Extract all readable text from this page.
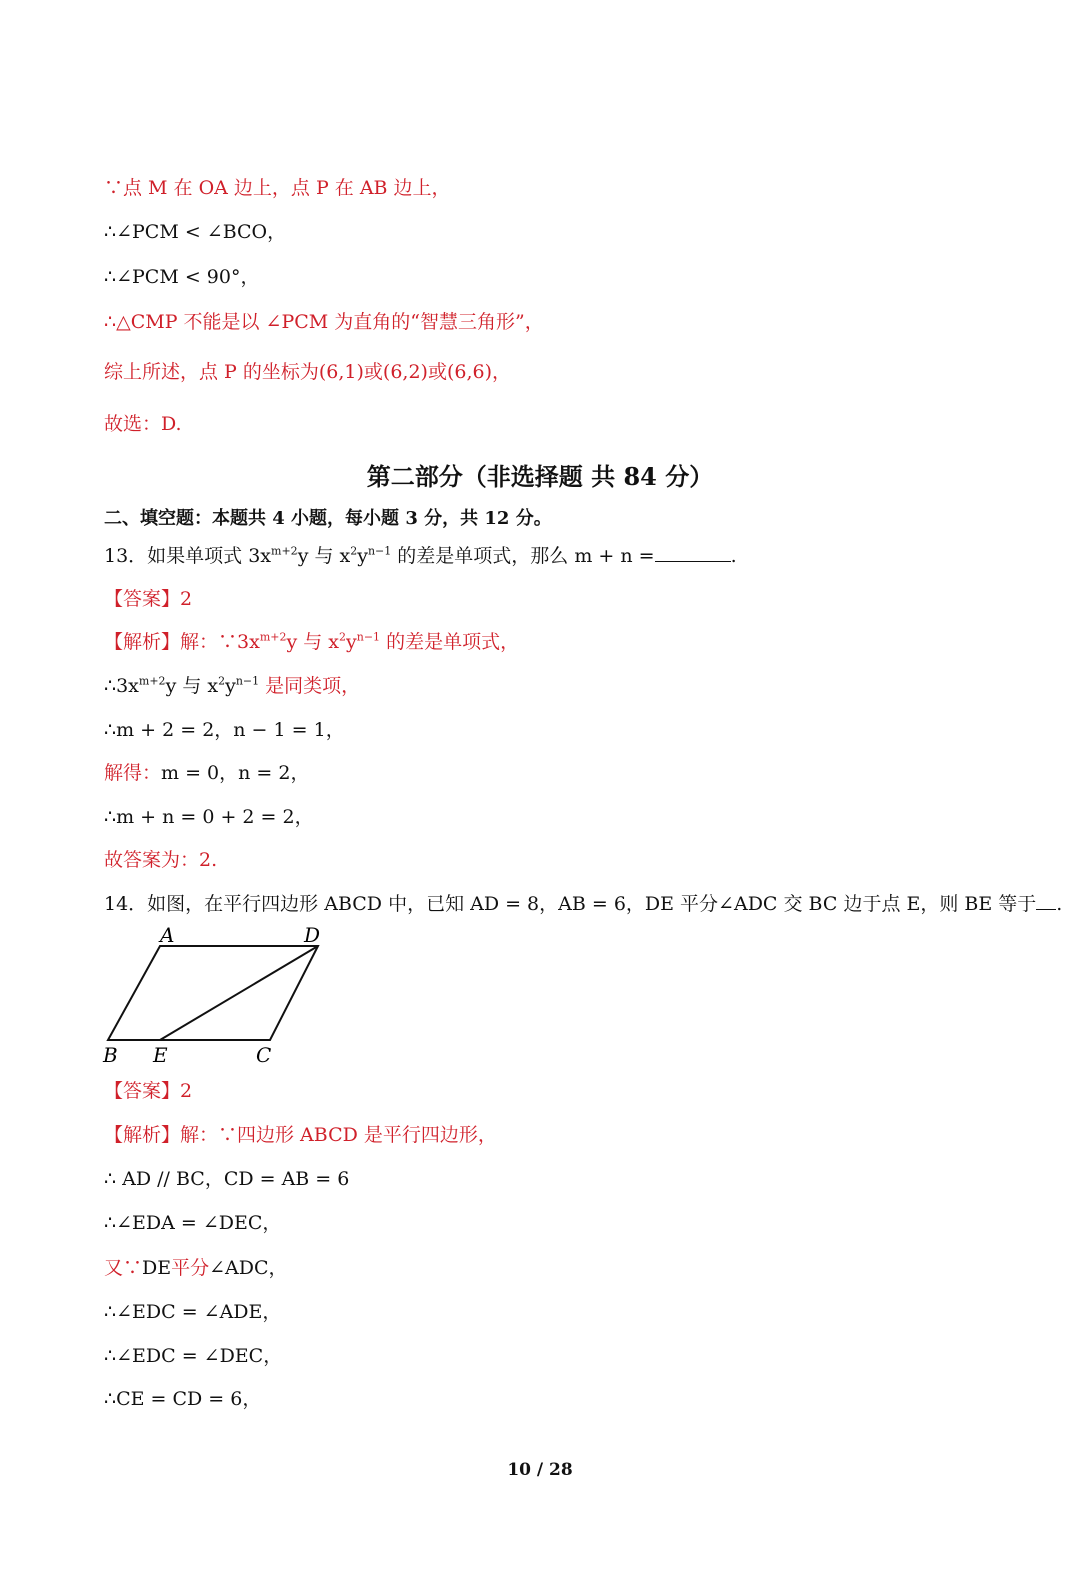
∵点 M 在 OA 边上，点 P 在 AB 边上，
∴∠PCM < ∠BCO，
∴∠PCM < 90°，
∴△CMP 不能是以 ∠PCM 为直角的“智慧三角形”，
综上所述，点 P 的坐标为(6,1)或(6,2)或(6,6)，
故选：D.
第二部分（非选择题 共 84 分）
二、填空题：本题共 4 小题，每小题 3 分，共 12 分。
13．如果单项式 $3x^{m+2}y$ 与 $x^2y^{n-1}$ 的差是单项式，那么 m + n =	.
【答案】2
【解析】解：$\because 3x^{m+2}y$ 与 $x^2y^{n-1}$ 的差是单项式，
$\therefore 3x^{m+2}y$ 与 $x^2y^{n-1}$ 是同类项，
∴m + 2 = 2，n − 1 = 1，
解得：m = 0，n = 2，
∴m + n = 0 + 2 = 2，
故答案为：2.
14．如图，在平行四边形 ABCD 中，已知 AD = 8，AB = 6，DE 平分∠ADC 交 BC 边于点 E，则 BE 等于 .
A	D
B E	C
【答案】2
【解析】解：∵四边形 ABCD 是平行四边形，
∴ AD // BC，CD = AB = 6
∴∠EDA = ∠DEC，
又∵DE平分∠ADC，
∴∠EDC = ∠ADE，
∴∠EDC = ∠DEC，
∴CE = CD = 6，
10 / 28
